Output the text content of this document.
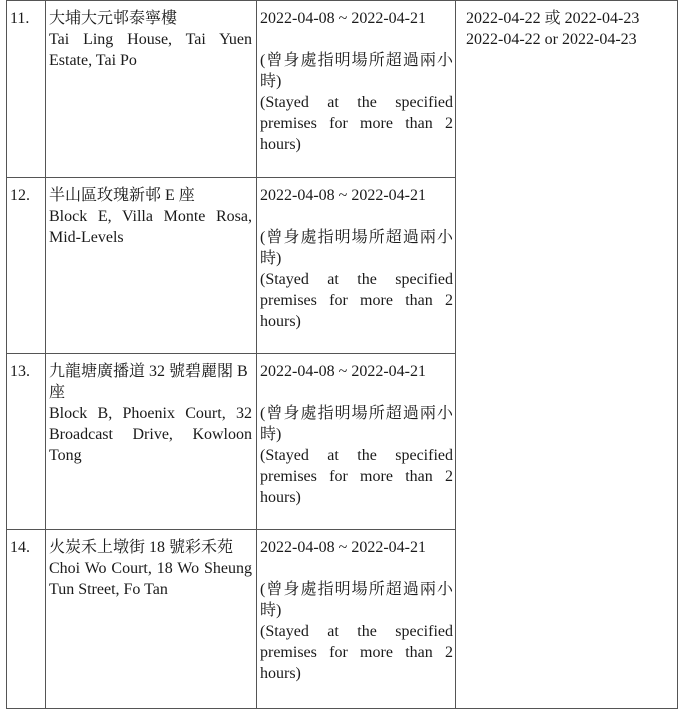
11. 大埔大元邨泰寧樓
Tai Ling House, Tai Yuen Estate, Tai Po
2022-04-08 ~ 2022-04-21
(曾身處指明場所超過兩小時)
(Stayed at the specified premises for more than 2 hours)
12. 半山區玫瑰新邨 E 座
Block E, Villa Monte Rosa, Mid-Levels
2022-04-08 ~ 2022-04-21
(曾身處指明場所超過兩小時)
(Stayed at the specified premises for more than 2 hours)
13. 九龍塘廣播道 32 號碧麗閣 B 座
Block B, Phoenix Court, 32 Broadcast Drive, Kowloon Tong
2022-04-08 ~ 2022-04-21
(曾身處指明場所超過兩小時)
(Stayed at the specified premises for more than 2 hours)
14. 火炭禾上墩街 18 號彩禾苑
Choi Wo Court, 18 Wo Sheung Tun Street, Fo Tan
2022-04-08 ~ 2022-04-21
(曾身處指明場所超過兩小時)
(Stayed at the specified premises for more than 2 hours)
2022-04-22 或 2022-04-23
2022-04-22 or 2022-04-23
